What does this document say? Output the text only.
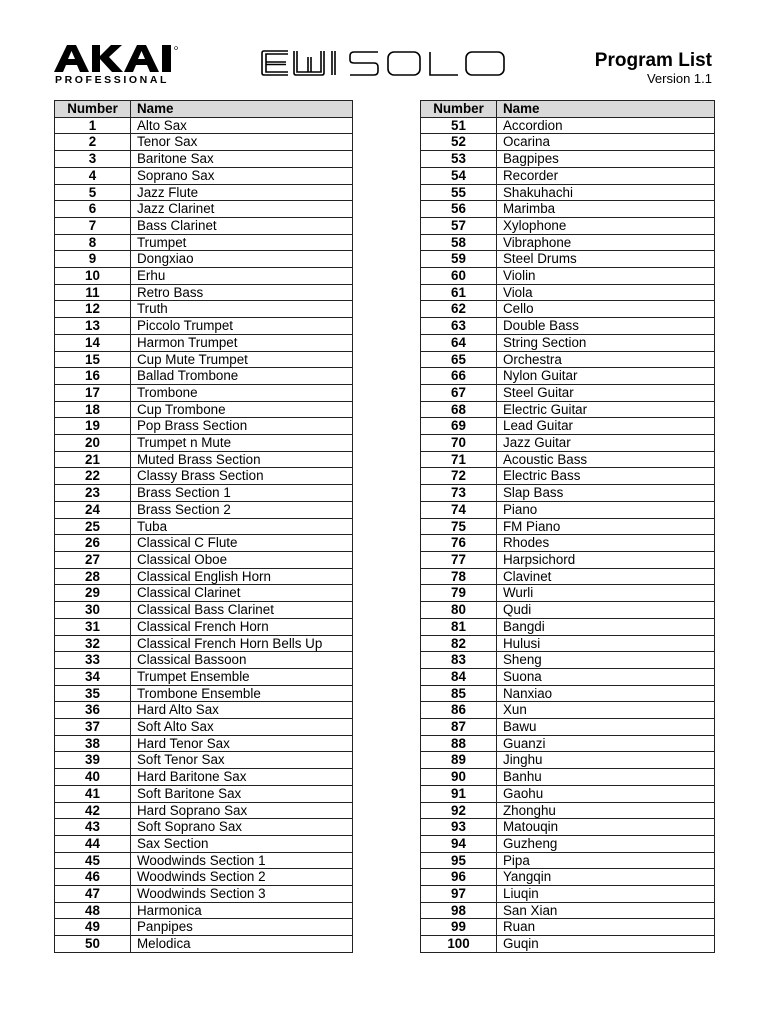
PROFESSIONAL
Program List
Version 1.1
Number	Name
1	Alto Sax
2	Tenor Sax
3	Baritone Sax
4	Soprano Sax
5	Jazz Flute
6	Jazz Clarinet
7	Bass Clarinet
8	Trumpet
9	Dongxiao
10	Erhu
11	Retro Bass
12	Truth
13	Piccolo Trumpet
14	Harmon Trumpet
15	Cup Mute Trumpet
16	Ballad Trombone
17	Trombone
18	Cup Trombone
19	Pop Brass Section
20	Trumpet n Mute
21	Muted Brass Section
22	Classy Brass Section
23	Brass Section 1
24	Brass Section 2
25	Tuba
26	Classical C Flute
27	Classical Oboe
28	Classical English Horn
29	Classical Clarinet
30	Classical Bass Clarinet
31	Classical French Horn
32	Classical French Horn Bells Up
33	Classical Bassoon
34	Trumpet Ensemble
35	Trombone Ensemble
36	Hard Alto Sax
37	Soft Alto Sax
38	Hard Tenor Sax
39	Soft Tenor Sax
40	Hard Baritone Sax
41	Soft Baritone Sax
42	Hard Soprano Sax
43	Soft Soprano Sax
44	Sax Section
45	Woodwinds Section 1
46	Woodwinds Section 2
47	Woodwinds Section 3
48	Harmonica
49	Panpipes
50	Melodica
Number	Name
51	Accordion
52	Ocarina
53	Bagpipes
54	Recorder
55	Shakuhachi
56	Marimba
57	Xylophone
58	Vibraphone
59	Steel Drums
60	Violin
61	Viola
62	Cello
63	Double Bass
64	String Section
65	Orchestra
66	Nylon Guitar
67	Steel Guitar
68	Electric Guitar
69	Lead Guitar
70	Jazz Guitar
71	Acoustic Bass
72	Electric Bass
73	Slap Bass
74	Piano
75	FM Piano
76	Rhodes
77	Harpsichord
78	Clavinet
79	Wurli
80	Qudi
81	Bangdi
82	Hulusi
83	Sheng
84	Suona
85	Nanxiao
86	Xun
87	Bawu
88	Guanzi
89	Jinghu
90	Banhu
91	Gaohu
92	Zhonghu
93	Matouqin
94	Guzheng
95	Pipa
96	Yangqin
97	Liuqin
98	San Xian
99	Ruan
100	Guqin
